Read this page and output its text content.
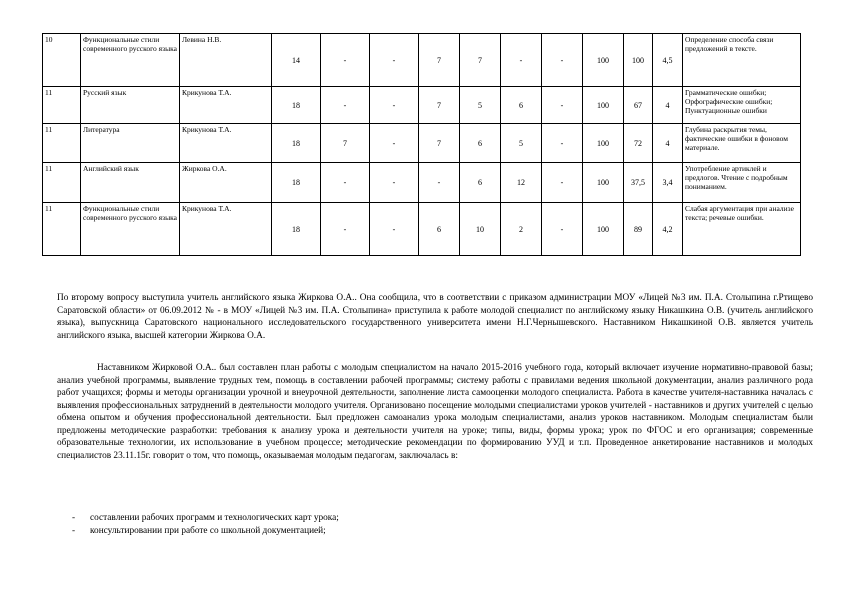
10	Функциональные стили современного русского языка	Левина Н.В.	14	-	-	7	7	-	-	100	100	4,5	Определение способа связи предложений в тексте.
11	Русский язык	Крикунова Т.А.	18	-	-	7	5	6	-	100	67	4	Грамматические ошибки; Орфографические ошибки; Пунктуационные ошибки
11	Литература	Крикунова Т.А.	18	7	-	7	6	5	-	100	72	4	Глубина раскрытия темы, фактические ошибки в фоновом материале.
11	Английский язык	Жиркова О.А.	18	-	-	-	6	12	-	100	37,5	3,4	Употребление артиклей и предлогов. Чтение с подробным пониманием.
11	Функциональные стили современного русского языка	Крикунова Т.А.	18	-	-	6	10	2	-	100	89	4,2	Слабая аргументация при анализе текста; речевые ошибки.

По второму вопросу выступила учитель английского языка Жиркова О.А.. Она сообщила, что в соответствии с приказом администрации МОУ «Лицей №3 им. П.А. Столыпина г.Ртищево Саратовской области» от 06.09.2012 № - в МОУ «Лицей №3 им. П.А. Столыпина» приступила к работе молодой специалист по английскому языку Никашкина О.В. (учитель английского языка), выпускница Саратовского национального исследовательского государственного университета имени Н.Г.Чернышевского. Наставником Никашкиной О.В. является учитель английского языка, высшей категории Жиркова О.А.

Наставником Жирковой О.А.. был составлен план работы с молодым специалистом на начало 2015-2016 учебного года, который включает изучение нормативно-правовой базы; анализ учебной программы, выявление трудных тем, помощь в составлении рабочей программы; систему работы с правилами ведения школьной документации, анализ различного рода работ учащихся; формы и методы организации урочной и внеурочной деятельности, заполнение листа самооценки молодого специалиста. Работа в качестве учителя-наставника началась с выявления профессиональных затруднений в деятельности молодого учителя. Организовано посещение молодыми специалистами уроков учителей - наставников и других учителей с целью обмена опытом и обучения профессиональной деятельности. Был предложен самоанализ урока молодым специалистами, анализ уроков наставником. Молодым специалистам были предложены методические разработки: требования к анализу урока и деятельности учителя на уроке; типы, виды, формы урока; урок по ФГОС и его организация; современные образовательные технологии, их использование в учебном процессе; методические рекомендации по формированию УУД и т.п. Проведенное анкетирование наставников и молодых специалистов 23.11.15г. говорит о том, что помощь, оказываемая молодым педагогам, заключалась в:

- составлении рабочих программ и технологических карт урока;
- консультировании при работе со школьной документацией;
